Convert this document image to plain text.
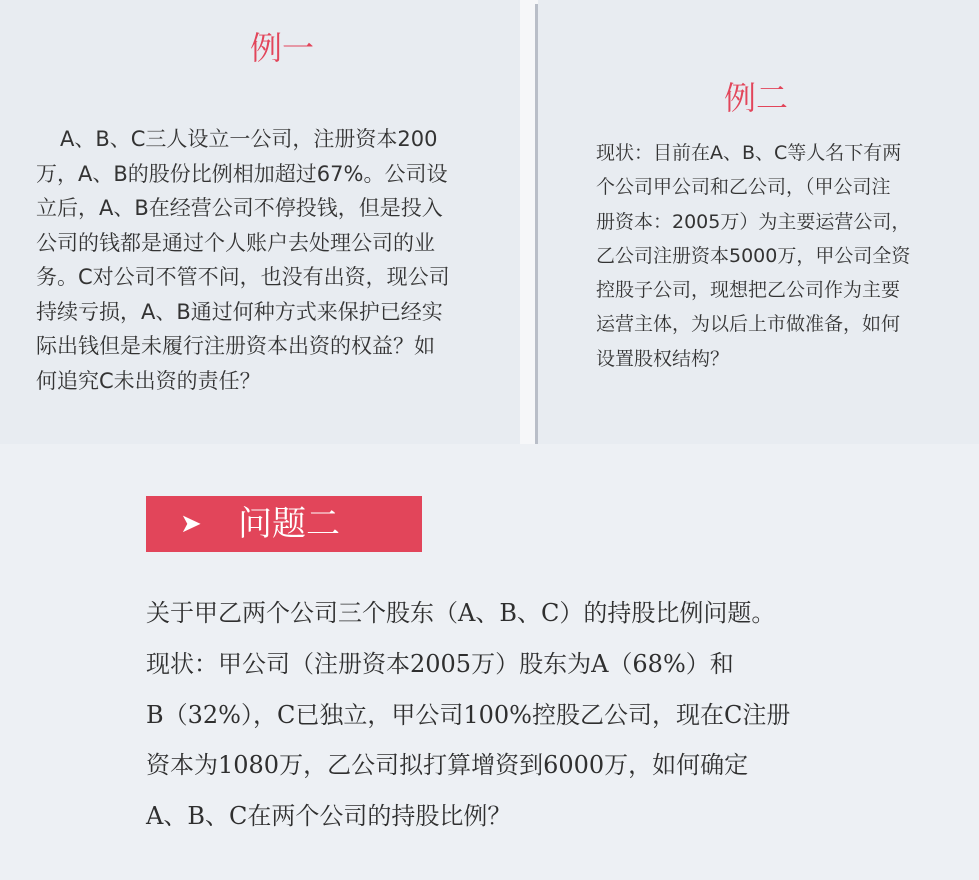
例一
A、B、C三人设立一公司，注册资本200
万，A、B的股份比例相加超过67%。公司设
立后，A、B在经营公司不停投钱，但是投入
公司的钱都是通过个人账户去处理公司的业
务。C对公司不管不问，也没有出资，现公司
持续亏损，A、B通过何种方式来保护已经实
际出钱但是未履行注册资本出资的权益？如
何追究C未出资的责任？
例二
现状：目前在A、B、C等人名下有两
个公司甲公司和乙公司，（甲公司注
册资本：2005万）为主要运营公司，
乙公司注册资本5000万，甲公司全资
控股子公司，现想把乙公司作为主要
运营主体，为以后上市做准备，如何
设置股权结构？
➤ 问题二
关于甲乙两个公司三个股东（A、B、C）的持股比例问题。
现状：甲公司（注册资本2005万）股东为A（68%）和
B（32%），C已独立，甲公司100%控股乙公司，现在C注册
资本为1080万，乙公司拟打算增资到6000万，如何确定
A、B、C在两个公司的持股比例？
